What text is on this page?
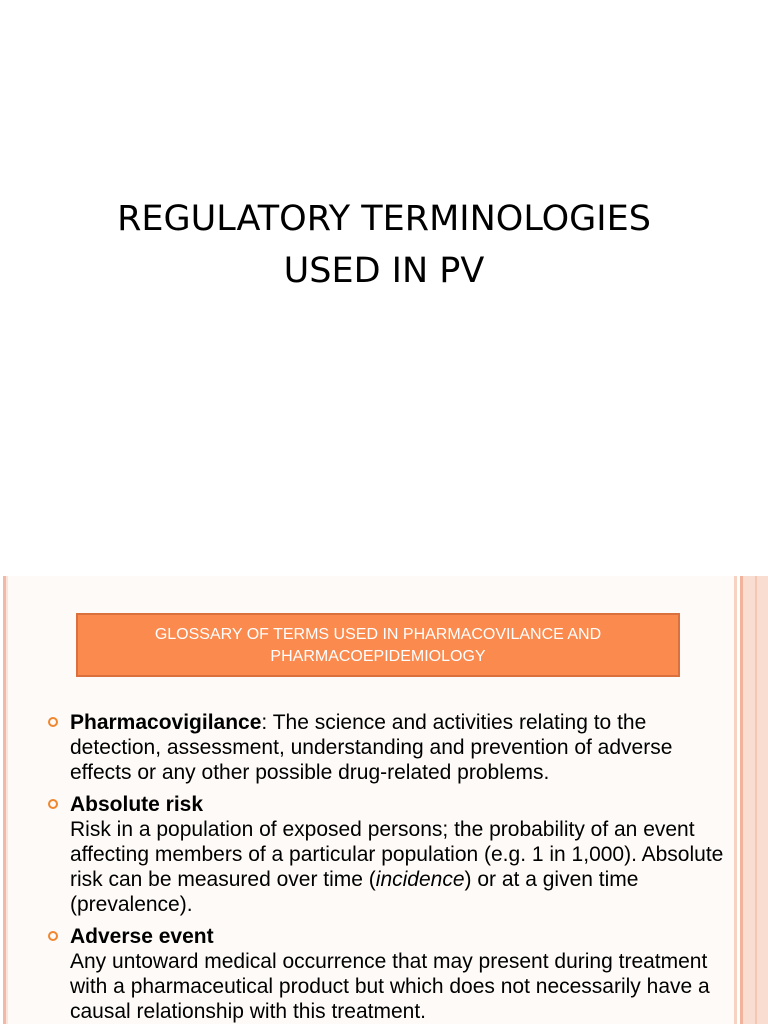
REGULATORY TERMINOLOGIES
USED IN PV
GLOSSARY OF TERMS USED IN PHARMACOVILANCE AND
PHARMACOEPIDEMIOLOGY
Pharmacovigilance: The science and activities relating to the detection, assessment, understanding and prevention of adverse effects or any other possible drug-related problems.
Absolute risk
Risk in a population of exposed persons; the probability of an event affecting members of a particular population (e.g. 1 in 1,000). Absolute risk can be measured over time (incidence) or at a given time (prevalence).
Adverse event
Any untoward medical occurrence that may present during treatment with a pharmaceutical product but which does not necessarily have a causal relationship with this treatment.
